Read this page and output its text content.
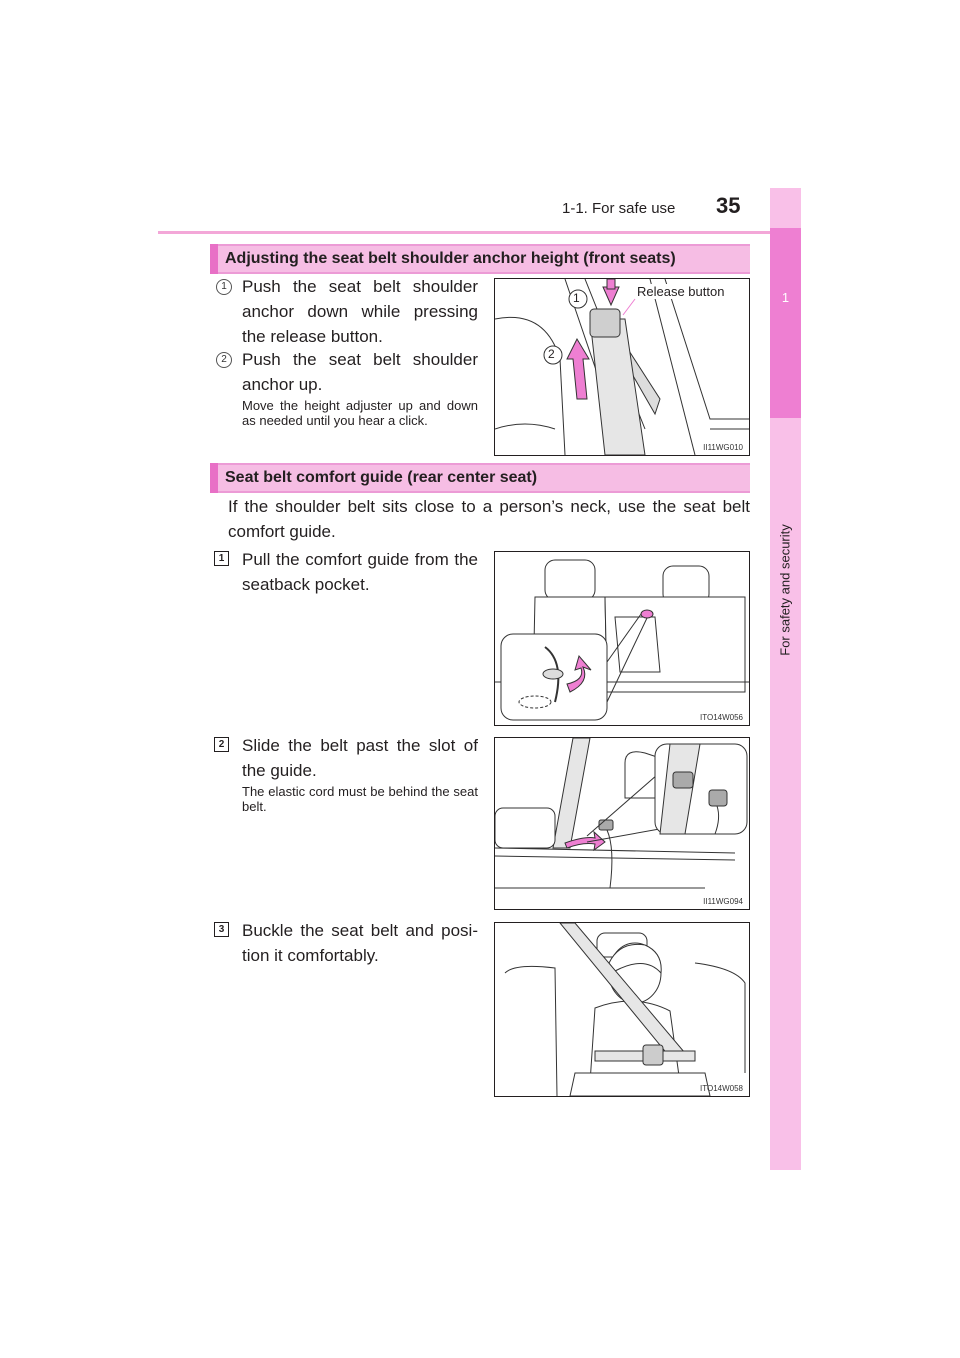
1-1. For safe use 35
1
For safety and security
Adjusting the seat belt shoulder anchor height (front seats)
1 Push the seat belt shoulder anchor down while pressing the release button.
2 Push the seat belt shoulder anchor up.
Move the height adjuster up and down as needed until you hear a click.
1
2
Release button
II11WG010
Seat belt comfort guide (rear center seat)
If the shoulder belt sits close to a person’s neck, use the seat belt comfort guide.
1 Pull the comfort guide from the seatback pocket.
ITO14W056
2 Slide the belt past the slot of the guide.
The elastic cord must be behind the seat belt.
II11WG094
3 Buckle the seat belt and posi-tion it comfortably.
ITO14W058
